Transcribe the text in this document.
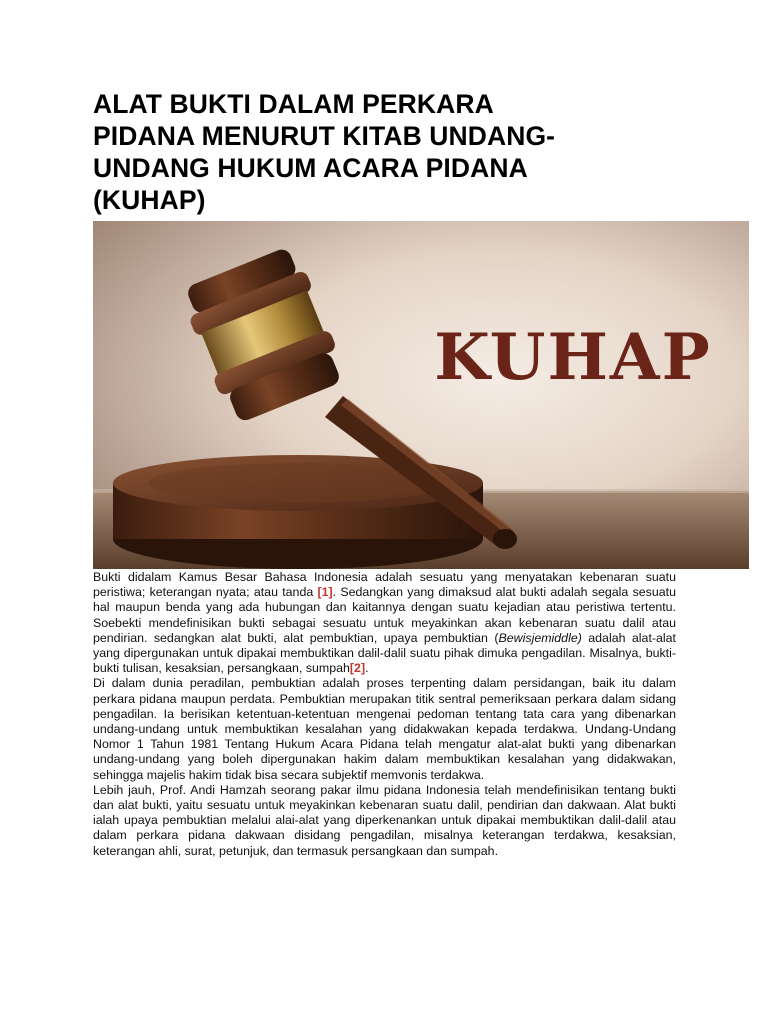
ALAT BUKTI DALAM PERKARA
PIDANA MENURUT KITAB UNDANG-
UNDANG HUKUM ACARA PIDANA
(KUHAP)
KUHAP

Bukti didalam Kamus Besar Bahasa Indonesia adalah sesuatu yang menyatakan kebenaran suatu peristiwa; keterangan nyata; atau tanda [1]. Sedangkan yang dimaksud alat bukti adalah segala sesuatu hal maupun benda yang ada hubungan dan kaitannya dengan suatu kejadian atau peristiwa tertentu. Soebekti mendefinisikan bukti sebagai sesuatu untuk meyakinkan akan kebenaran suatu dalil atau pendirian. sedangkan alat bukti, alat pembuktian, upaya pembuktian (Bewisjemiddle) adalah alat-alat yang dipergunakan untuk dipakai membuktikan dalil-dalil suatu pihak dimuka pengadilan. Misalnya, bukti-bukti tulisan, kesaksian, persangkaan, sumpah[2].

Di dalam dunia peradilan, pembuktian adalah proses terpenting dalam persidangan, baik itu dalam perkara pidana maupun perdata. Pembuktian merupakan titik sentral pemeriksaan perkara dalam sidang pengadilan. Ia berisikan ketentuan-ketentuan mengenai pedoman tentang tata cara yang dibenarkan undang-undang untuk membuktikan kesalahan yang didakwakan kepada terdakwa. Undang-Undang Nomor 1 Tahun 1981 Tentang Hukum Acara Pidana telah mengatur alat-alat bukti yang dibenarkan undang-undang yang boleh dipergunakan hakim dalam membuktikan kesalahan yang didakwakan, sehingga majelis hakim tidak bisa secara subjektif memvonis terdakwa.

Lebih jauh, Prof. Andi Hamzah seorang pakar ilmu pidana Indonesia telah mendefinisikan tentang bukti dan alat bukti, yaitu sesuatu untuk meyakinkan kebenaran suatu dalil, pendirian dan dakwaan. Alat bukti ialah upaya pembuktian melalui alai-alat yang diperkenankan untuk dipakai membuktikan dalil-dalil atau dalam perkara pidana dakwaan disidang pengadilan, misalnya keterangan terdakwa, kesaksian, keterangan ahli, surat, petunjuk, dan termasuk persangkaan dan sumpah.
